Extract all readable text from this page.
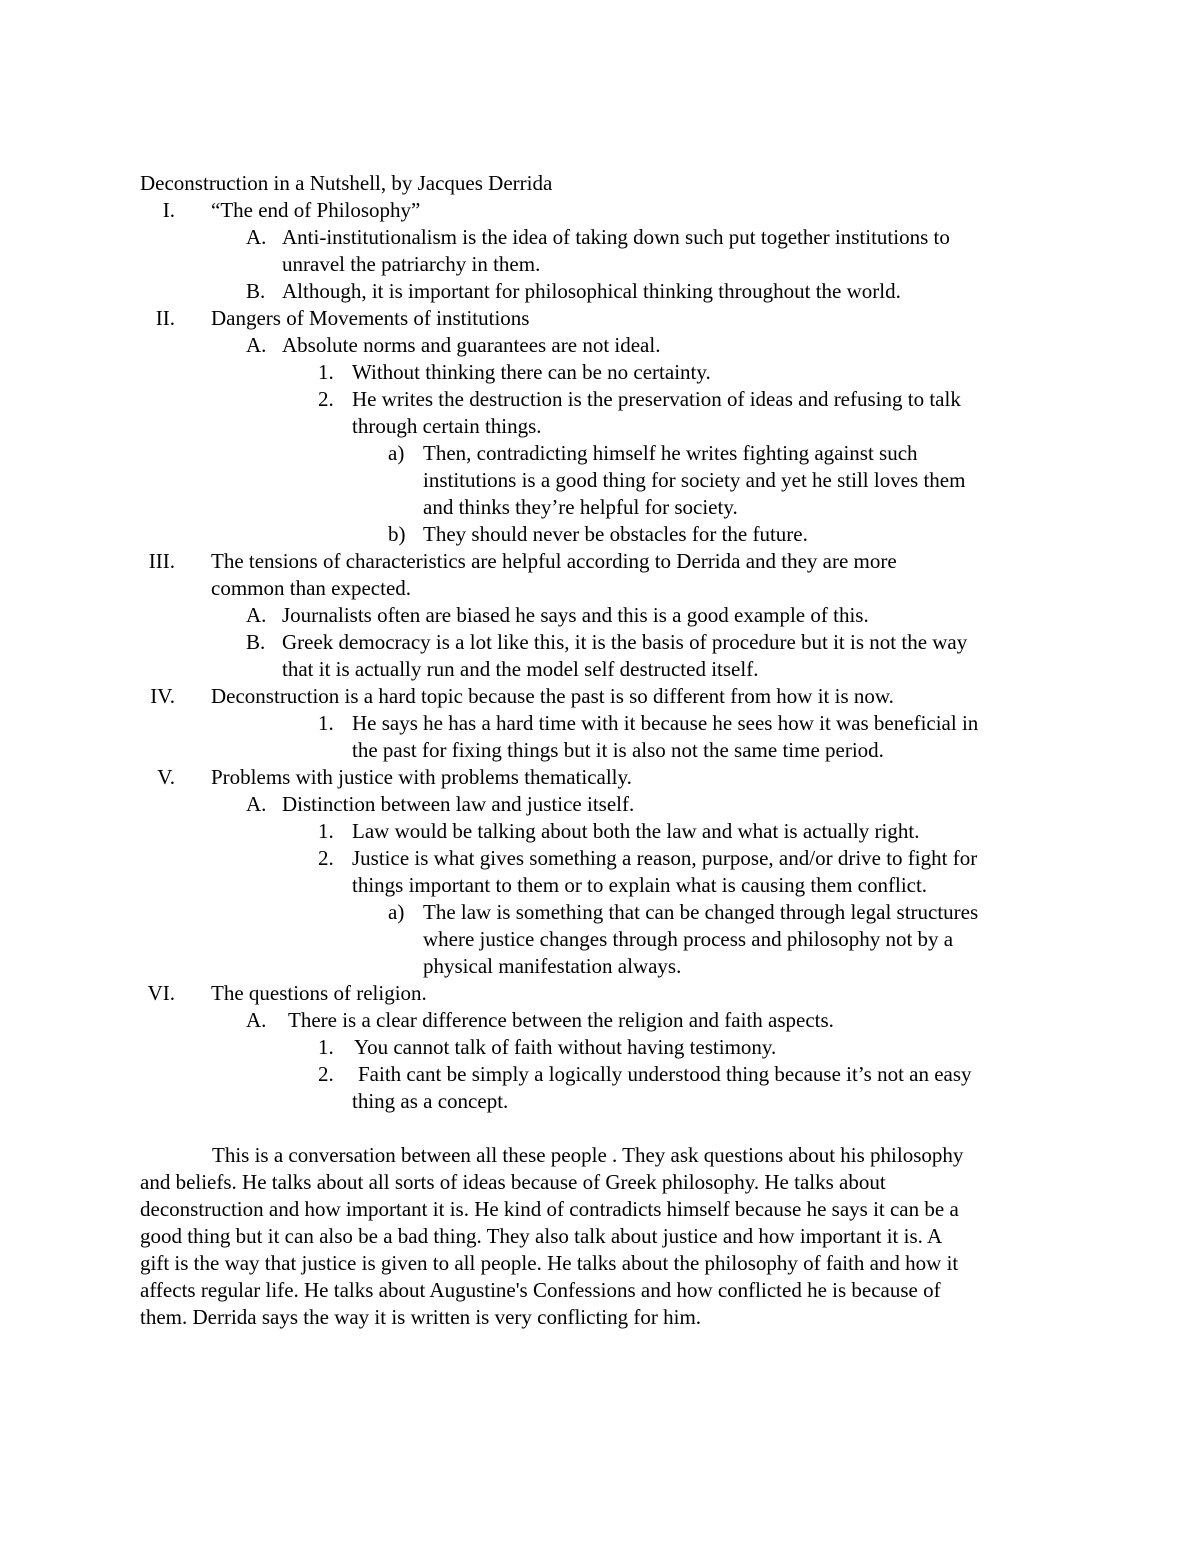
Deconstruction in a Nutshell, by Jacques Derrida
I. “The end of Philosophy”
A. Anti-institutionalism is the idea of taking down such put together institutions to
unravel the patriarchy in them.
B. Although, it is important for philosophical thinking throughout the world.
II. Dangers of Movements of institutions
A. Absolute norms and guarantees are not ideal.
1. Without thinking there can be no certainty.
2. He writes the destruction is the preservation of ideas and refusing to talk
through certain things.
a) Then, contradicting himself he writes fighting against such
institutions is a good thing for society and yet he still loves them
and thinks they’re helpful for society.
b) They should never be obstacles for the future.
III. The tensions of characteristics are helpful according to Derrida and they are more
common than expected.
A. Journalists often are biased he says and this is a good example of this.
B. Greek democracy is a lot like this, it is the basis of procedure but it is not the way
that it is actually run and the model self destructed itself.
IV. Deconstruction is a hard topic because the past is so different from how it is now.
1. He says he has a hard time with it because he sees how it was beneficial in
the past for fixing things but it is also not the same time period.
V. Problems with justice with problems thematically.
A. Distinction between law and justice itself.
1. Law would be talking about both the law and what is actually right.
2. Justice is what gives something a reason, purpose, and/or drive to fight for
things important to them or to explain what is causing them conflict.
a) The law is something that can be changed through legal structures
where justice changes through process and philosophy not by a
physical manifestation always.
VI. The questions of religion.
A. There is a clear difference between the religion and faith aspects.
1. You cannot talk of faith without having testimony.
2. Faith cant be simply a logically understood thing because it’s not an easy
thing as a concept.
This is a conversation between all these people . They ask questions about his philosophy
and beliefs. He talks about all sorts of ideas because of Greek philosophy. He talks about
deconstruction and how important it is. He kind of contradicts himself because he says it can be a
good thing but it can also be a bad thing. They also talk about justice and how important it is. A
gift is the way that justice is given to all people. He talks about the philosophy of faith and how it
affects regular life. He talks about Augustine's Confessions and how conflicted he is because of
them. Derrida says the way it is written is very conflicting for him.
